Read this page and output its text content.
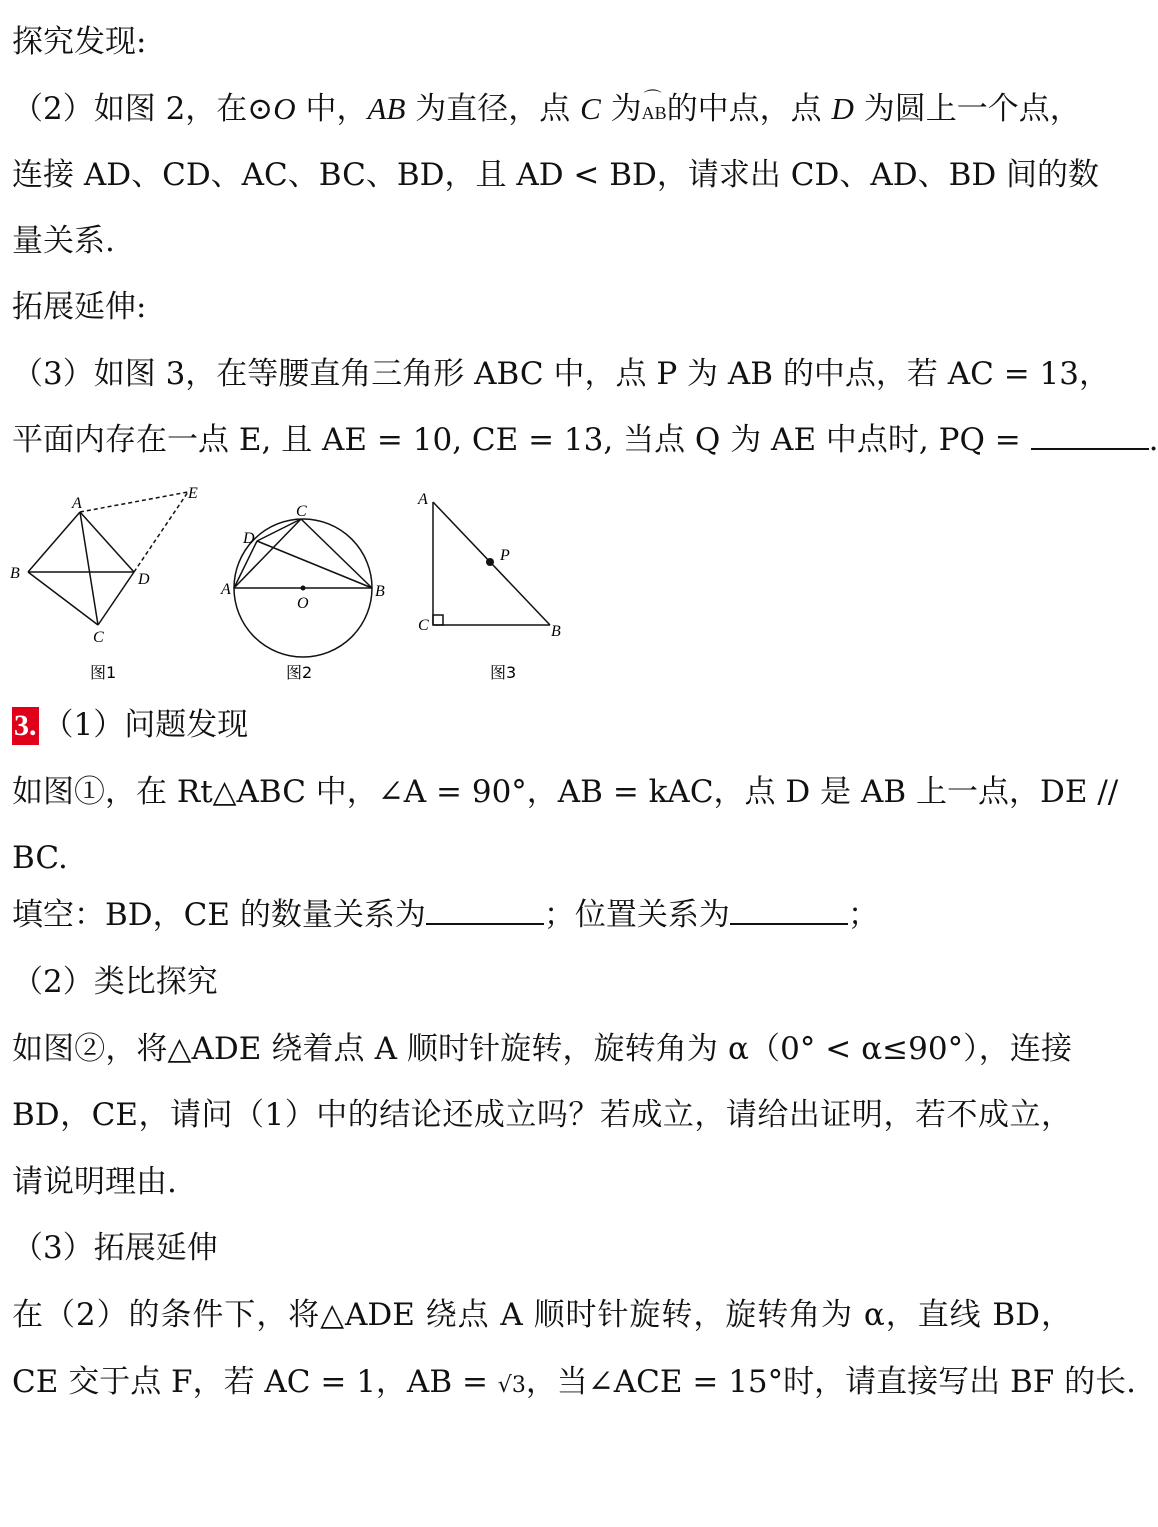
探究发现:
（2）如图 2，在⊙O 中，AB 为直径，点 C 为⌒ AB的中点，点 D 为圆上一个点，
连接 AD、CD、AC、BC、BD，且 AD < BD，请求出 CD、AD、BD 间的数
量关系.
拓展延伸:
（3）如图 3，在等腰直角三角形 ABC 中，点 P 为 AB 的中点，若 AC = 13，
平面内存在一点 E, 且 AE = 10, CE = 13, 当点 Q 为 AE 中点时, PQ =	.
A
B
C
D
E
图1
A	B
C
D
O
图2
A
B
C
P
图3
3. （1）问题发现
如图①，在 Rt△ABC 中，∠A = 90°，AB = kAC，点 D 是 AB 上一点，DE //
BC.
填空：BD，CE 的数量关系为	；位置关系为	；
（2）类比探究
如图②，将△ADE 绕着点 A 顺时针旋转，旋转角为 α（0° < α≤90°），连接
BD，CE，请问（1）中的结论还成立吗？若成立，请给出证明，若不成立，
请说明理由.
（3）拓展延伸
在（2）的条件下，将△ADE 绕点 A 顺时针旋转，旋转角为 α，直线 BD，
CE 交于点 F，若 AC = 1，AB = √3，当∠ACE = 15°时，请直接写出 BF 的长.
